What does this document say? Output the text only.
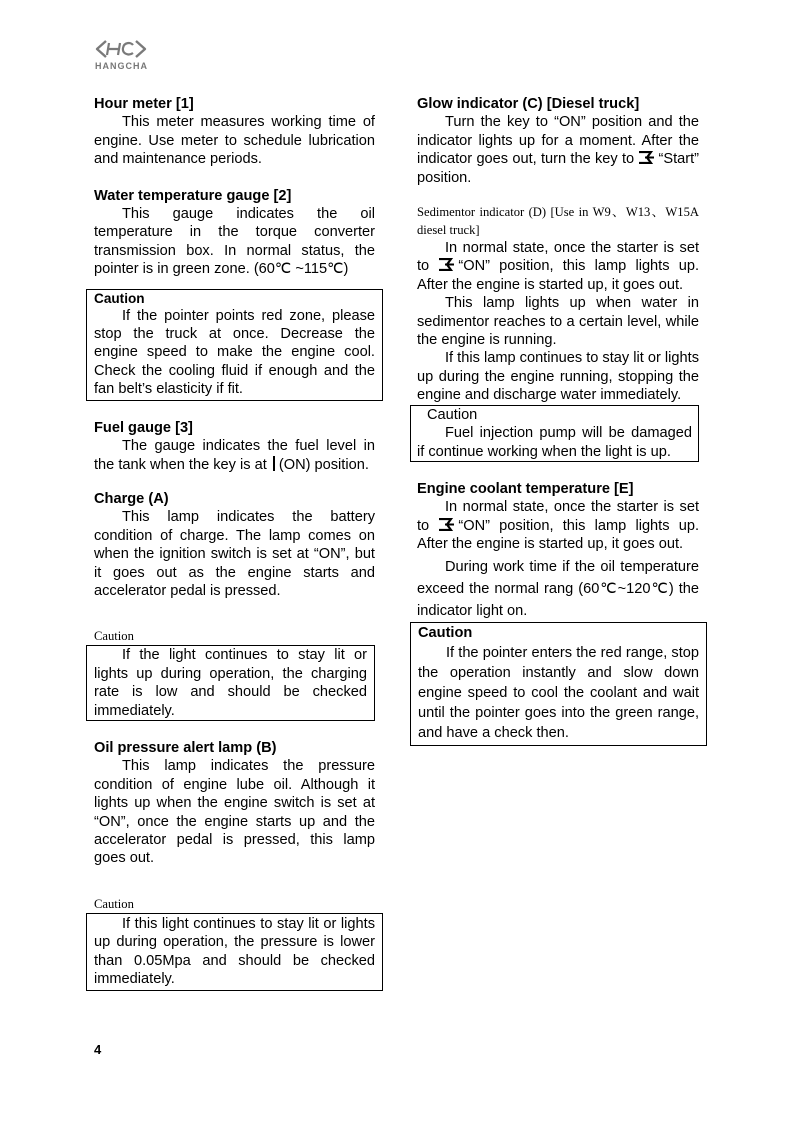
HANGCHA

Hour meter [1]

This meter measures working time of engine. Use meter to schedule lubrication and maintenance periods.

Water temperature gauge [2]

This gauge indicates the oil temperature in the torque converter transmission box. In normal status, the pointer is in green zone. (60℃ ~115℃)

Caution

If the pointer points red zone, please stop the truck at once. Decrease the engine speed to make the engine cool. Check the cooling fluid if enough and the fan belt’s elasticity if fit.

Fuel gauge [3]

The gauge indicates the fuel level in the tank when the key is at (ON) position.

Charge (A)

This lamp indicates the battery condition of charge. The lamp comes on when the ignition switch is set at “ON”, but it goes out as the engine starts and accelerator pedal is pressed.

Caution

If the light continues to stay lit or lights up during operation, the charging rate is low and should be checked immediately.

Oil pressure alert lamp (B)

This lamp indicates the pressure condition of engine lube oil. Although it lights up when the engine switch is set at “ON”, once the engine starts up and the accelerator pedal is pressed, this lamp goes out.

Caution

If this light continues to stay lit or lights up during operation, the pressure is lower than 0.05Mpa and should be checked immediately.

Glow indicator (C) [Diesel truck]

Turn the key to “ON” position and the indicator lights up for a moment. After the indicator goes out, turn the key to “Start” position.

Sedimentor indicator (D) [Use in W9、W13、W15A diesel truck]

In normal state, once the starter is set to “ON” position, this lamp lights up. After the engine is started up, it goes out.

This lamp lights up when water in sedimentor reaches to a certain level, while the engine is running.

If this lamp continues to stay lit or lights up during the engine running, stopping the engine and discharge water immediately.

Caution

Fuel injection pump will be damaged if continue working when the light is up.

Engine coolant temperature [E]

In normal state, once the starter is set to “ON” position, this lamp lights up. After the engine is started up, it goes out.

During work time if the oil temperature exceed the normal rang (60℃~120℃) the indicator light on.

Caution

If the pointer enters the red range, stop the operation instantly and slow down engine speed to cool the coolant and wait until the pointer goes into the green range, and have a check then.

4
